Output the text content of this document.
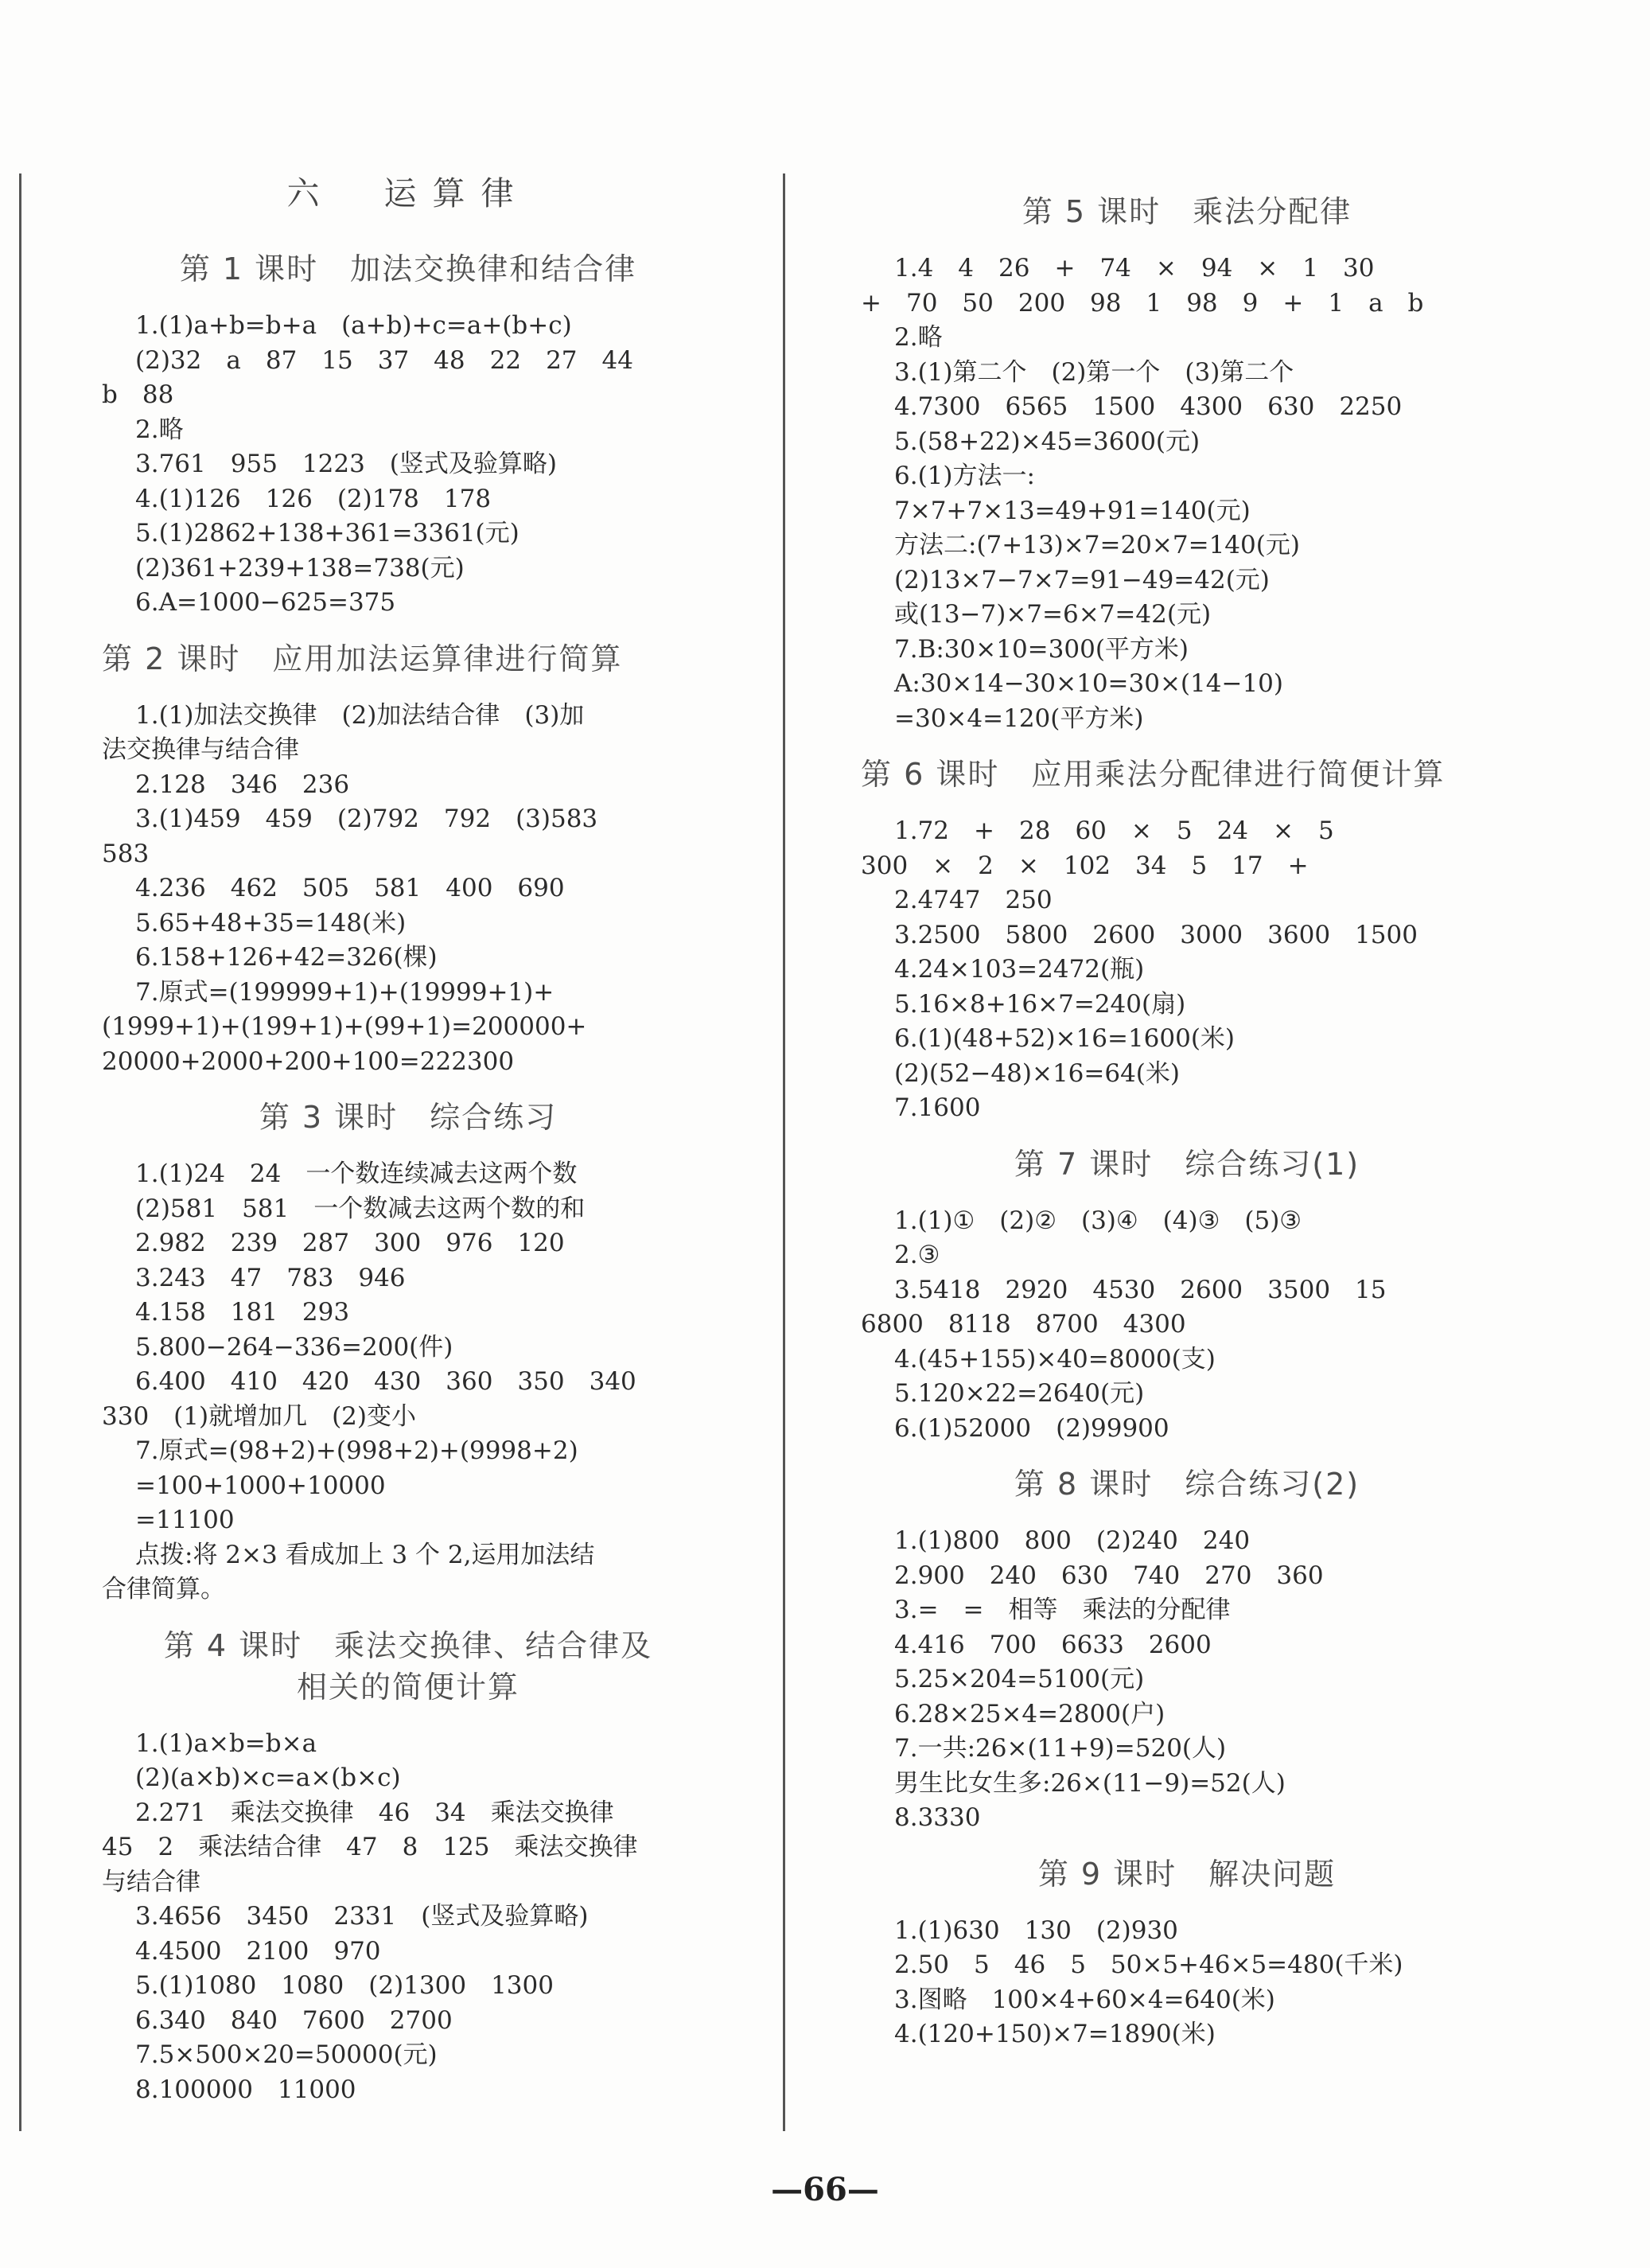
六　运算律
第 1 课时　加法交换律和结合律
1.(1)a+b=b+a　(a+b)+c=a+(b+c)
(2)32　a　87　15　37　48　22　27　44
b　88
2.略
3.761　955　1223　(竖式及验算略)
4.(1)126　126　(2)178　178
5.(1)2862+138+361=3361(元)
(2)361+239+138=738(元)
6.A=1000−625=375
第 2 课时　应用加法运算律进行简算
1.(1)加法交换律　(2)加法结合律　(3)加
法交换律与结合律
2.128　346　236
3.(1)459　459　(2)792　792　(3)583
583
4.236　462　505　581　400　690
5.65+48+35=148(米)
6.158+126+42=326(棵)
7.原式=(199999+1)+(19999+1)+
(1999+1)+(199+1)+(99+1)=200000+
20000+2000+200+100=222300
第 3 课时　综合练习
1.(1)24　24　一个数连续减去这两个数
(2)581　581　一个数减去这两个数的和
2.982　239　287　300　976　120
3.243　47　783　946
4.158　181　293
5.800−264−336=200(件)
6.400　410　420　430　360　350　340
330　(1)就增加几　(2)变小
7.原式=(98+2)+(998+2)+(9998+2)
=100+1000+10000
=11100
点拨:将 2×3 看成加上 3 个 2,运用加法结
合律简算。
第 4 课时　乘法交换律、结合律及
相关的简便计算
1.(1)a×b=b×a
(2)(a×b)×c=a×(b×c)
2.271　乘法交换律　46　34　乘法交换律
45　2　乘法结合律　47　8　125　乘法交换律
与结合律
3.4656　3450　2331　(竖式及验算略)
4.4500　2100　970
5.(1)1080　1080　(2)1300　1300
6.340　840　7600　2700
7.5×500×20=50000(元)
8.100000　11000
第 5 课时　乘法分配律
1.4　4　26　+　74　×　94　×　1　30
+　70　50　200　98　1　98　9　+　1　a　b
2.略
3.(1)第二个　(2)第一个　(3)第二个
4.7300　6565　1500　4300　630　2250
5.(58+22)×45=3600(元)
6.(1)方法一:
7×7+7×13=49+91=140(元)
方法二:(7+13)×7=20×7=140(元)
(2)13×7−7×7=91−49=42(元)
或(13−7)×7=6×7=42(元)
7.B:30×10=300(平方米)
A:30×14−30×10=30×(14−10)
=30×4=120(平方米)
第 6 课时　应用乘法分配律进行简便计算
1.72　+　28　60　×　5　24　×　5
300　×　2　×　102　34　5　17　+
2.4747　250
3.2500　5800　2600　3000　3600　1500
4.24×103=2472(瓶)
5.16×8+16×7=240(扇)
6.(1)(48+52)×16=1600(米)
(2)(52−48)×16=64(米)
7.1600
第 7 课时　综合练习(1)
1.(1)①　(2)②　(3)④　(4)③　(5)③
2.③
3.5418　2920　4530　2600　3500　15
6800　8118　8700　4300
4.(45+155)×40=8000(支)
5.120×22=2640(元)
6.(1)52000　(2)99900
第 8 课时　综合练习(2)
1.(1)800　800　(2)240　240
2.900　240　630　740　270　360
3.=　=　相等　乘法的分配律
4.416　700　6633　2600
5.25×204=5100(元)
6.28×25×4=2800(户)
7.一共:26×(11+9)=520(人)
男生比女生多:26×(11−9)=52(人)
8.3330
第 9 课时　解决问题
1.(1)630　130　(2)930
2.50　5　46　5　50×5+46×5=480(千米)
3.图略　100×4+60×4=640(米)
4.(120+150)×7=1890(米)
—66—
